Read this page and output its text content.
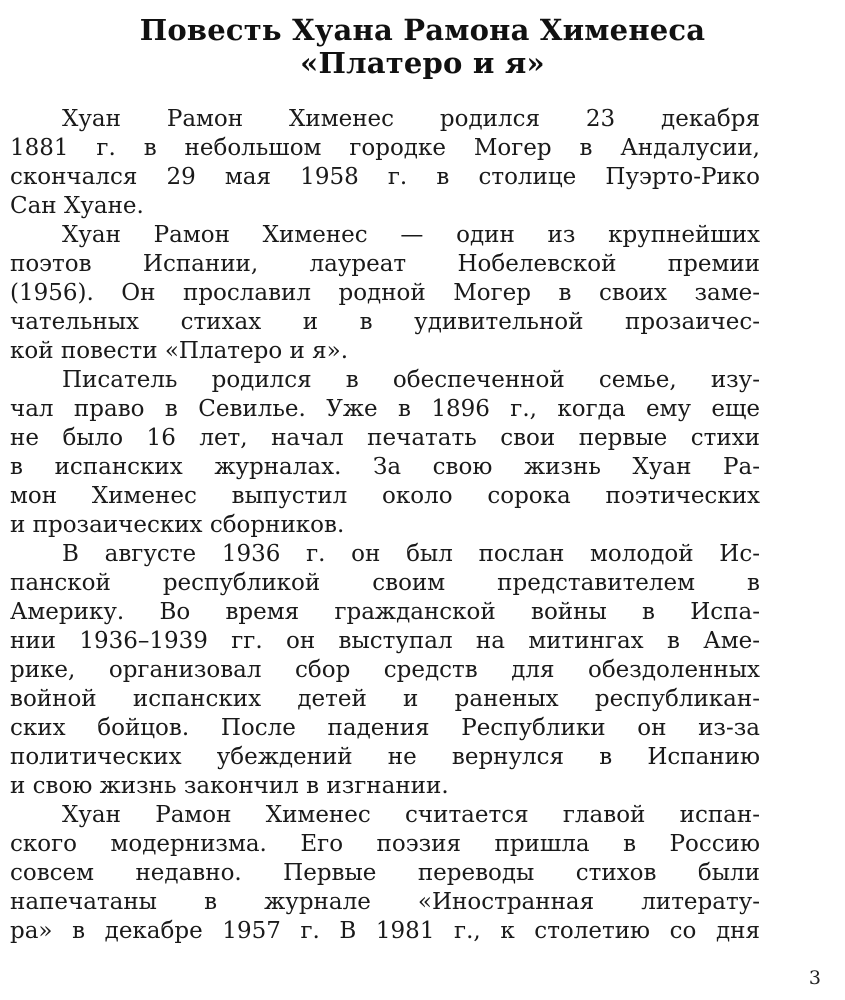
Повесть Хуана Рамона Хименеса
«Платеро и я»
Хуан Рамон Хименес родился 23 декабря
1881 г. в небольшом городке Могер в Андалусии,
скончался 29 мая 1958 г. в столице Пуэрто-Рико
Сан Хуане.
Хуан Рамон Хименес — один из крупнейших
поэтов Испании, лауреат Нобелевской премии
(1956). Он прославил родной Могер в своих заме-
чательных стихах и в удивительной прозаичес-
кой повести «Платеро и я».
Писатель родился в обеспеченной семье, изу-
чал право в Севилье. Уже в 1896 г., когда ему еще
не было 16 лет, начал печатать свои первые стихи
в испанских журналах. За свою жизнь Хуан Ра-
мон Хименес выпустил около сорока поэтических
и прозаических сборников.
В августе 1936 г. он был послан молодой Ис-
панской республикой своим представителем в
Америку. Во время гражданской войны в Испа-
нии 1936–1939 гг. он выступал на митингах в Аме-
рике, организовал сбор средств для обездоленных
войной испанских детей и раненых республикан-
ских бойцов. После падения Республики он из-за
политических убеждений не вернулся в Испанию
и свою жизнь закончил в изгнании.
Хуан Рамон Хименес считается главой испан-
ского модернизма. Его поэзия пришла в Россию
совсем недавно. Первые переводы стихов были
напечатаны в журнале «Иностранная литерату-
ра» в декабре 1957 г. В 1981 г., к столетию со дня
3
